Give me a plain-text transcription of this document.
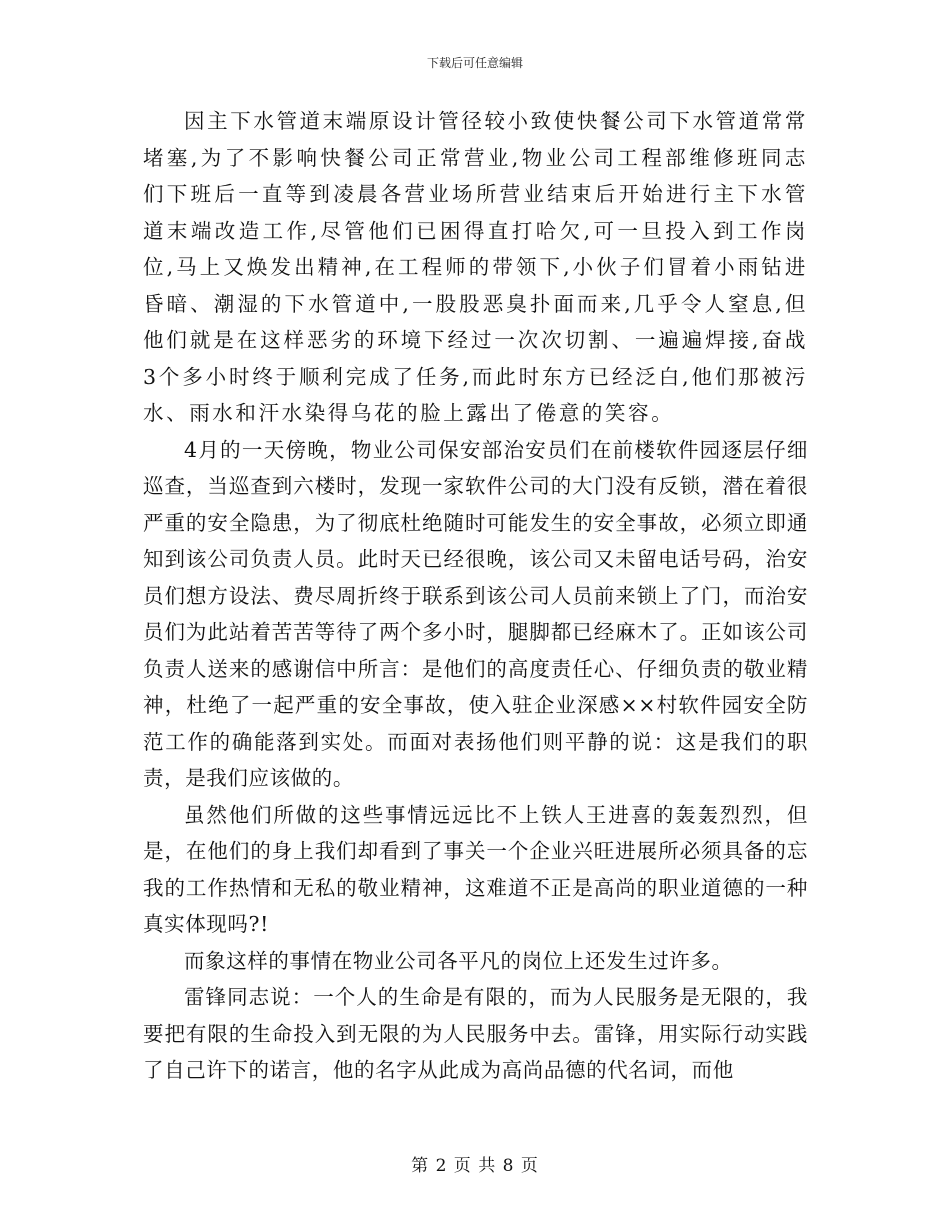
下载后可任意编辑

因主下水管道末端原设计管径较小致使快餐公司下水管道常常堵塞,为了不影响快餐公司正常营业,物业公司工程部维修班同志们下班后一直等到凌晨各营业场所营业结束后开始进行主下水管道末端改造工作,尽管他们已困得直打哈欠,可一旦投入到工作岗位,马上又焕发出精神,在工程师的带领下,小伙子们冒着小雨钻进昏暗、潮湿的下水管道中,一股股恶臭扑面而来,几乎令人窒息,但他们就是在这样恶劣的环境下经过一次次切割、一遍遍焊接,奋战3个多小时终于顺利完成了任务,而此时东方已经泛白,他们那被污水、雨水和汗水染得乌花的脸上露出了倦意的笑容。

4月的一天傍晚，物业公司保安部治安员们在前楼软件园逐层仔细巡查，当巡查到六楼时，发现一家软件公司的大门没有反锁，潜在着很严重的安全隐患，为了彻底杜绝随时可能发生的安全事故，必须立即通知到该公司负责人员。此时天已经很晚，该公司又未留电话号码，治安员们想方设法、费尽周折终于联系到该公司人员前来锁上了门，而治安员们为此站着苦苦等待了两个多小时，腿脚都已经麻木了。正如该公司负责人送来的感谢信中所言：是他们的高度责任心、仔细负责的敬业精神，杜绝了一起严重的安全事故，使入驻企业深感××村软件园安全防范工作的确能落到实处。而面对表扬他们则平静的说：这是我们的职责，是我们应该做的。

虽然他们所做的这些事情远远比不上铁人王进喜的轰轰烈烈，但是，在他们的身上我们却看到了事关一个企业兴旺进展所必须具备的忘我的工作热情和无私的敬业精神，这难道不正是高尚的职业道德的一种真实体现吗?!

而象这样的事情在物业公司各平凡的岗位上还发生过许多。

雷锋同志说：一个人的生命是有限的，而为人民服务是无限的，我要把有限的生命投入到无限的为人民服务中去。雷锋，用实际行动实践了自己许下的诺言，他的名字从此成为高尚品德的代名词，而他

第 2 页 共 8 页
